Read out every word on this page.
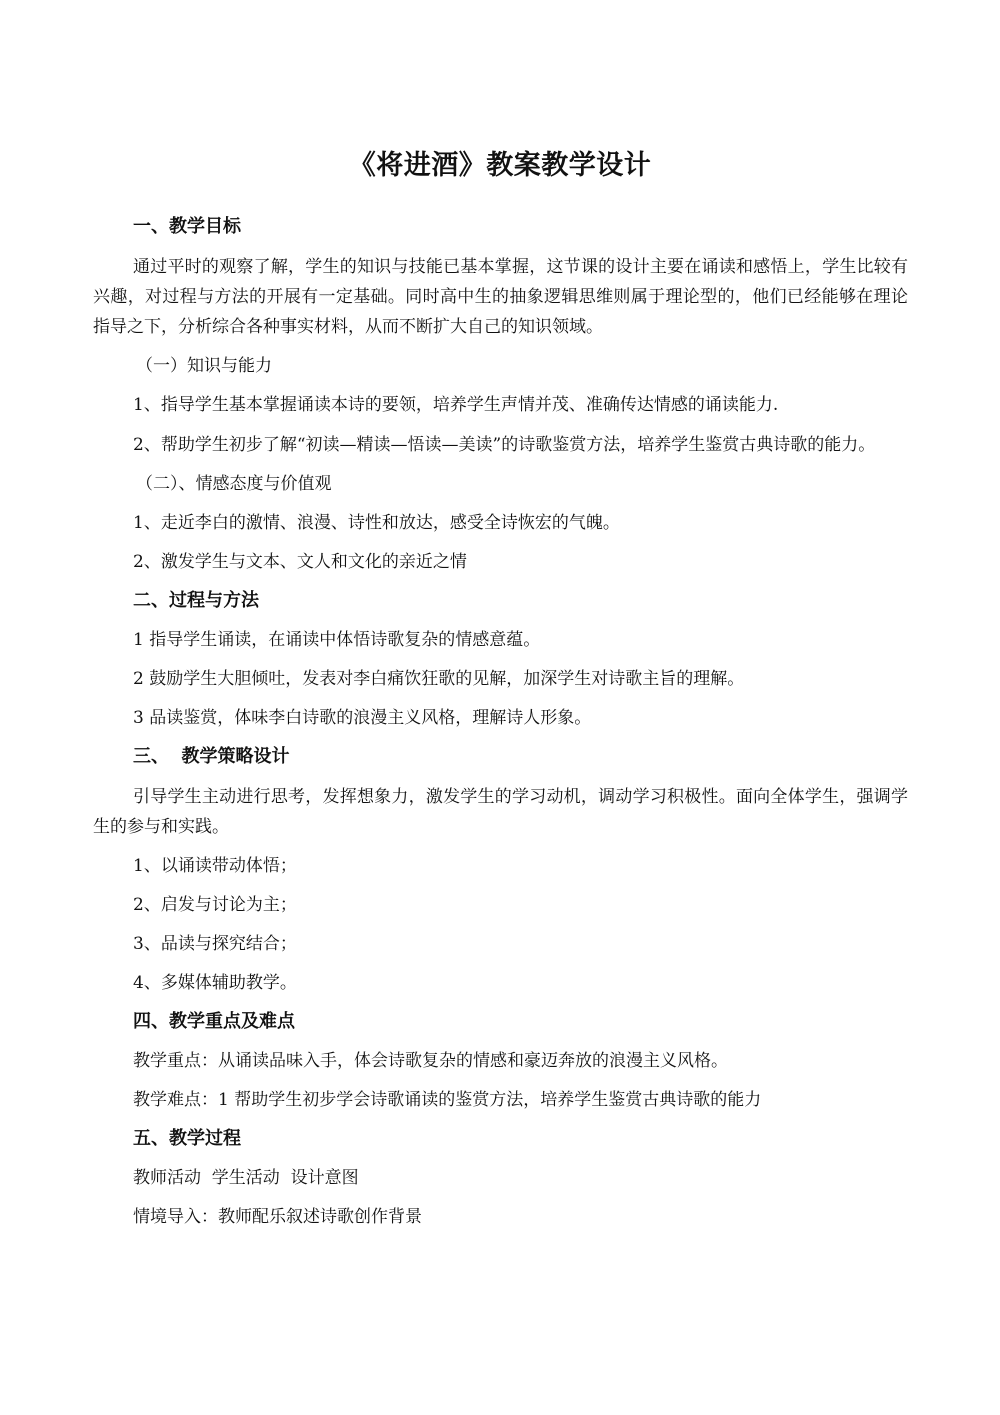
《将进酒》教案教学设计
一、教学目标

通过平时的观察了解，学生的知识与技能已基本掌握，这节课的设计主要在诵读和感悟上，学生比较有兴趣，对过程与方法的开展有一定基础。同时高中生的抽象逻辑思维则属于理论型的，他们已经能够在理论指导之下，分析综合各种事实材料，从而不断扩大自己的知识领域。

（一）知识与能力
1、指导学生基本掌握诵读本诗的要领，培养学生声情并茂、准确传达情感的诵读能力.

2、帮助学生初步了解“初读—精读—悟读—美读”的诗歌鉴赏方法，培养学生鉴赏古典诗歌的能力。

（二）、情感态度与价值观
1、走近李白的激情、浪漫、诗性和放达，感受全诗恢宏的气魄。
2、激发学生与文本、文人和文化的亲近之情
二、过程与方法
1 指导学生诵读，在诵读中体悟诗歌复杂的情感意蕴。
2 鼓励学生大胆倾吐，发表对李白痛饮狂歌的见解，加深学生对诗歌主旨的理解。
3 品读鉴赏，体味李白诗歌的浪漫主义风格，理解诗人形象。
三、  教学策略设计

引导学生主动进行思考，发挥想象力，激发学生的学习动机，调动学习积极性。面向全体学生，强调学生的参与和实践。

1、以诵读带动体悟；
2、启发与讨论为主；
3、品读与探究结合；
4、多媒体辅助教学。
四、教学重点及难点
教学重点：从诵读品味入手，体会诗歌复杂的情感和豪迈奔放的浪漫主义风格。
教学难点：1 帮助学生初步学会诗歌诵读的鉴赏方法，培养学生鉴赏古典诗歌的能力
五、教学过程
教师活动  学生活动  设计意图
情境导入：教师配乐叙述诗歌创作背景
